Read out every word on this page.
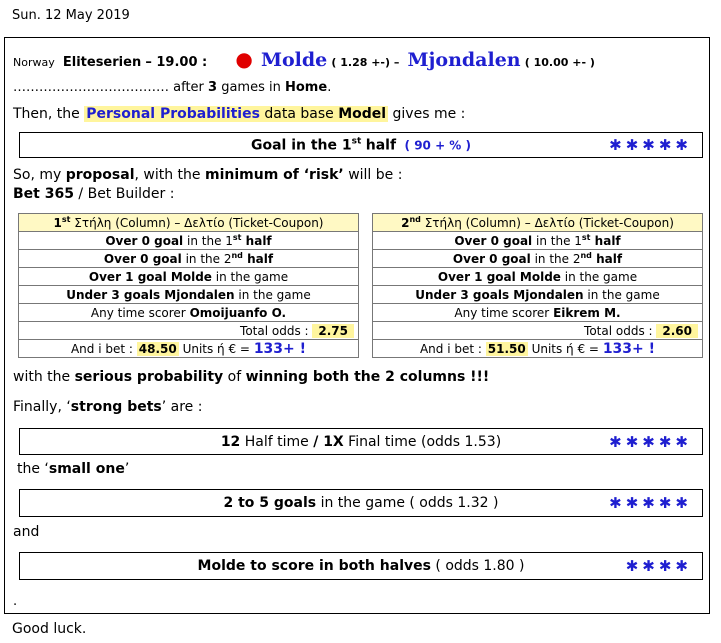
Sun. 12 May 2019
Norway Eliteserien – 19.00 : ● Molde ( 1.28 +-) – Mjondalen ( 10.00 +- )
……………………………… after 3 games in Home.
Then, the Personal Probabilities data base Model gives me :
Goal in the 1st half ( 90 + % )	✱✱✱✱✱
So, my proposal, with the minimum of ‘risk’ will be :
Bet 365 / Bet Builder :
1st Στήλη (Column) – Δελτίο (Ticket-Coupon)
Over 0 goal in the 1st half
Over 0 goal in the 2nd half
Over 1 goal Molde in the game
Under 3 goals Mjondalen in the game
Any time scorer Omoijuanfo O.
Total odds : 2.75
And i bet : 48.50 Units ή € = 133+ !
2nd Στήλη (Column) – Δελτίο (Ticket-Coupon)
Over 0 goal in the 1st half
Over 0 goal in the 2nd half
Over 1 goal Molde in the game
Under 3 goals Mjondalen in the game
Any time scorer Eikrem M.
Total odds : 2.60
And i bet : 51.50 Units ή € = 133+ !
with the serious probability of winning both the 2 columns !!!
Finally, ‘strong bets’ are :
12 Half time / 1X Final time (odds 1.53)	✱✱✱✱✱
the ‘small one’
2 to 5 goals in the game ( odds 1.32 )	✱✱✱✱✱
and
Molde to score in both halves ( odds 1.80 )	✱✱✱✱
.
Good luck.
